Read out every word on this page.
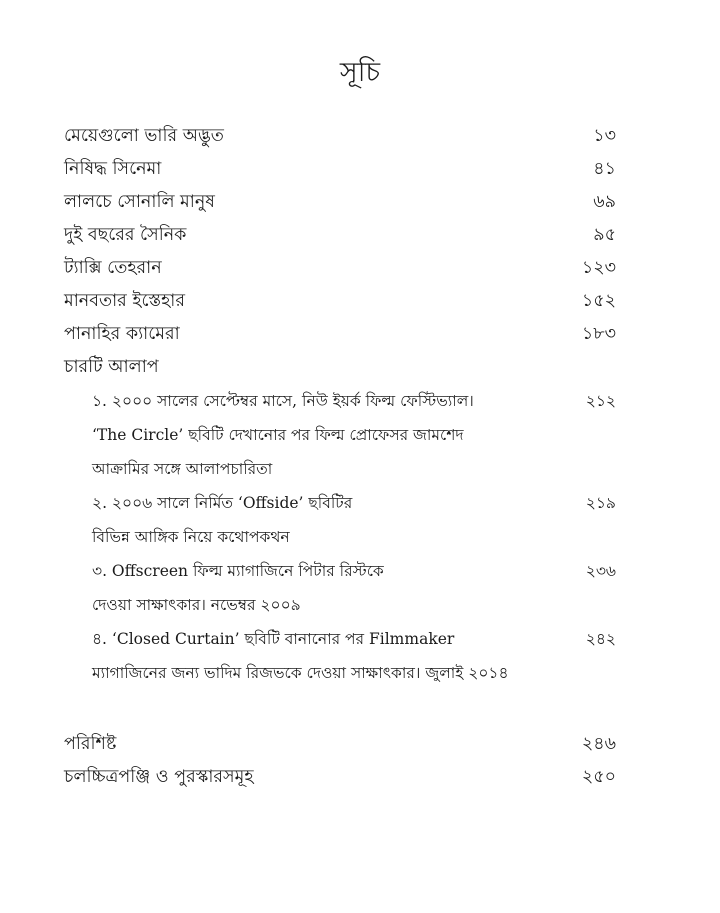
সূচি
মেয়েগুলো ভারি অদ্ভুত	১৩
নিষিদ্ধ সিনেমা	৪১
লালচে সোনালি মানুষ	৬৯
দুই বছরের সৈনিক	৯৫
ট্যাক্সি তেহরান	১২৩
মানবতার ইস্তেহার	১৫২
পানাহির ক্যামেরা	১৮৩
চারটি আলাপ
১. ২০০০ সালের সেপ্টেম্বর মাসে, নিউ ইয়র্ক ফিল্ম ফেস্টিভ্যাল।	২১২
‘The Circle’ ছবিটি দেখানোর পর ফিল্ম প্রোফেসর জামশেদ
আক্রামির সঙ্গে আলাপচারিতা
২. ২০০৬ সালে নির্মিত ‘Offside’ ছবিটির	২১৯
বিভিন্ন আঙ্গিক নিয়ে কথোপকথন
৩. Offscreen ফিল্ম ম্যাগাজিনে পিটার রিস্টকে	২৩৬
দেওয়া সাক্ষাৎকার। নভেম্বর ২০০৯
৪. ‘Closed Curtain’ ছবিটি বানানোর পর Filmmaker	২৪২
ম্যাগাজিনের জন্য ভাদিম রিজভকে দেওয়া সাক্ষাৎকার। জুলাই ২০১৪
পরিশিষ্ট	২৪৬
চলচ্চিত্রপঞ্জি ও পুরস্কারসমূহ	২৫০
